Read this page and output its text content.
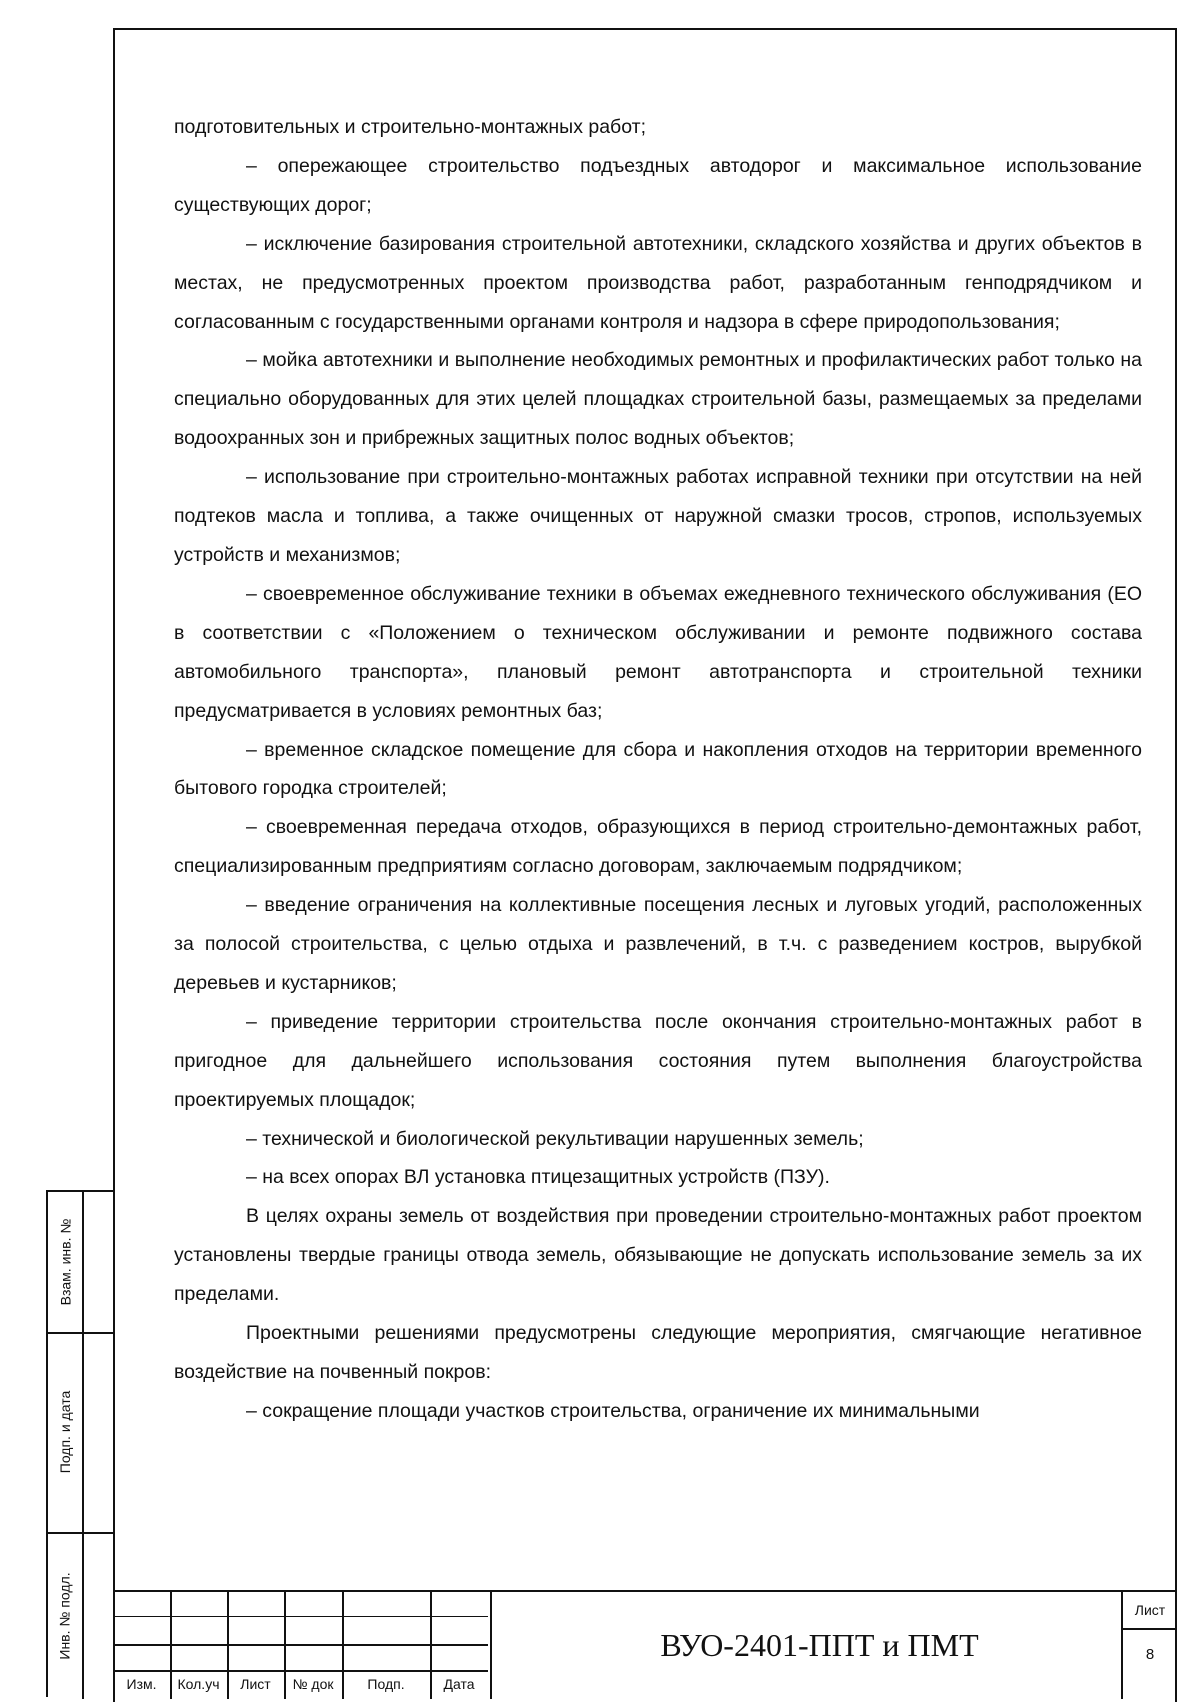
подготовительных и строительно-монтажных работ;

– опережающее строительство подъездных автодорог и максимальное использование существующих дорог;

– исключение базирования строительной автотехники, складского хозяйства и других объектов в местах, не предусмотренных проектом производства работ, разработанным генподрядчиком и согласованным с государственными органами контроля и надзора в сфере природопользования;

– мойка автотехники и выполнение необходимых ремонтных и профилактических работ только на специально оборудованных для этих целей площадках строительной базы, размещаемых за пределами водоохранных зон и прибрежных защитных полос водных объектов;

– использование при строительно-монтажных работах исправной техники при отсутствии на ней подтеков масла и топлива, а также очищенных от наружной смазки тросов, стропов, используемых устройств и механизмов;

– своевременное обслуживание техники в объемах ежедневного технического обслуживания (ЕО в соответствии с «Положением о техническом обслуживании и ремонте подвижного состава автомобильного транспорта», плановый ремонт автотранспорта и строительной техники предусматривается в условиях ремонтных баз;

– временное складское помещение для сбора и накопления отходов на территории временного бытового городка строителей;

– своевременная передача отходов, образующихся в период строительно-демонтажных работ, специализированным предприятиям согласно договорам, заключаемым подрядчиком;

– введение ограничения на коллективные посещения лесных и луговых угодий, расположенных за полосой строительства, с целью отдыха и развлечений, в т.ч. с разведением костров, вырубкой деревьев и кустарников;

– приведение территории строительства после окончания строительно-монтажных работ в пригодное для дальнейшего использования состояния путем выполнения благоустройства проектируемых площадок;

– технической и биологической рекультивации нарушенных земель;

– на всех опорах ВЛ установка птицезащитных устройств (ПЗУ).

В целях охраны земель от воздействия при проведении строительно-монтажных работ проектом установлены твердые границы отвода земель, обязывающие не допускать использование земель за их пределами.

Проектными решениями предусмотрены следующие мероприятия, смягчающие негативное воздействие на почвенный покров:

– сокращение площади участков строительства, ограничение их минимальными

Изм.	Кол.уч	Лист	№ док	Подп.	Дата
ВУО-2401-ППТ и ПМТ
Лист
8
Взам. инв. №
Подп. и дата
Инв. № подл.
